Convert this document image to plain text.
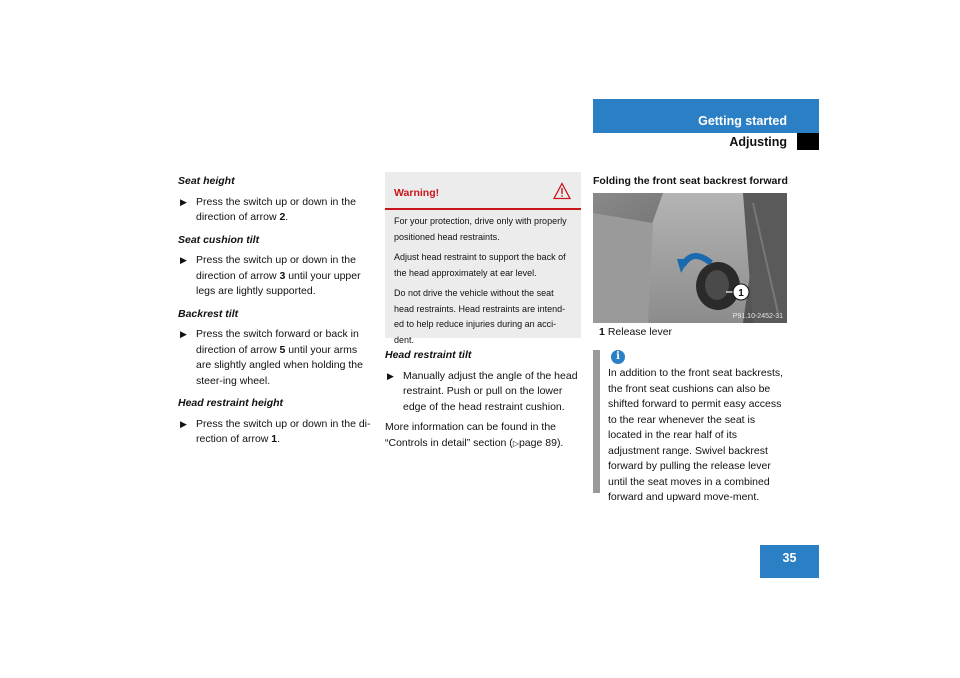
Getting started
Adjusting
Seat height
▶ Press the switch up or down in the direction of arrow 2.
Seat cushion tilt
▶ Press the switch up or down in the direction of arrow 3 until your upper legs are lightly supported.
Backrest tilt
▶ Press the switch forward or back in direction of arrow 5 until your arms are slightly angled when holding the steer-ing wheel.
Head restraint height
▶ Press the switch up or down in the di-rection of arrow 1.
Warning!

For your protection, drive only with properly positioned head restraints.

Adjust head restraint to support the back of the head approximately at ear level.

Do not drive the vehicle without the seat head restraints. Head restraints are intend-ed to help reduce injuries during an acci-dent.

Head restraint tilt
▶ Manually adjust the angle of the head restraint. Push or pull on the lower edge of the head restraint cushion.
More information can be found in the “Controls in detail” section (▷page 89).
Folding the front seat backrest forward
1
P91.10-2452-31
1 Release lever
i
In addition to the front seat backrests, the front seat cushions can also be shifted forward to permit easy access to the rear whenever the seat is located in the rear half of its adjustment range. Swivel backrest forward by pulling the release lever until the seat moves in a combined forward and upward move-ment.
35
